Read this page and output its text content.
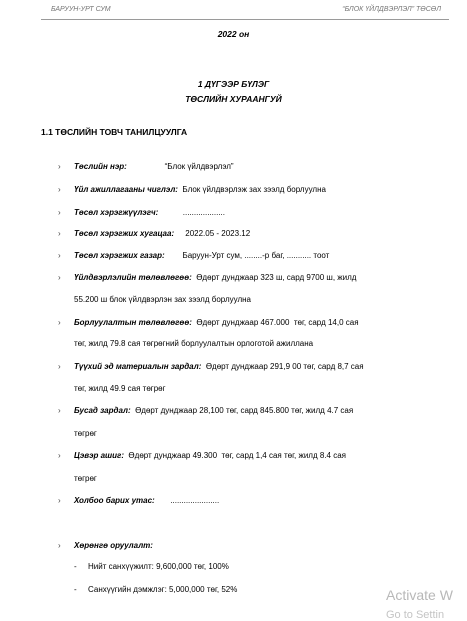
БАРУУН-УРТ СУМ	“БЛОК ҮЙЛДВЭРЛЭЛ” ТӨСӨЛ
2022 он
1 ДҮГЭЭР БҮЛЭГ
ТӨСЛИЙН ХУРААНГУЙ
1.1 ТӨСЛИЙН ТОВЧ ТАНИЛЦУУЛГА
› Төслийн нэр:                 “Блок үйлдвэрлэл”
› Үйл ажиллагааны чиглэл:  Блок үйлдвэрлэж зах зээлд борлуулна
› Төсөл хэрэгжүүлэгч:           ...................
› Төсөл хэрэгжих хугацаа:     2022.05 - 2023.12
› Төсөл хэрэгжих газар:        Баруун-Урт сум, ........-р баг, ........... тоот
› Үйлдвэрлэлийн төлөвлөгөө:  Өдөрт дунджаар 323 ш, сард 9700 ш, жилд
55.200 ш блок үйлдвэрлэн зах зээлд борлуулна
› Борлуулалтын төлөвлөгөө:  Өдөрт дунджаар 467.000  төг, сард 14,0 сая
төг, жилд 79.8 сая төгрөгний борлуулалтын орлоготой ажиллана
› Түүхий эд материалын зардал:  Өдөрт дунджаар 291,9 00 төг, сард 8,7 сая
төг, жилд 49.9 сая төгрөг
› Бусад зардал:  Өдөрт дунджаар 28,100 төг, сард 845.800 төг, жилд 4.7 сая
төгрөг
› Цэвэр ашиг:  Өдөрт дунджаар 49.300  төг, сард 1,4 сая төг, жилд 8.4 сая
төгрөг
› Холбоо барих утас:       ......................
› Хөрөнгө оруулалт:
- Нийт санхүүжилт: 9,600,000 төг, 100%
- Санхүүгийн дэмжлэг: 5,000,000 төг, 52%	Activate W
Go to Settin
